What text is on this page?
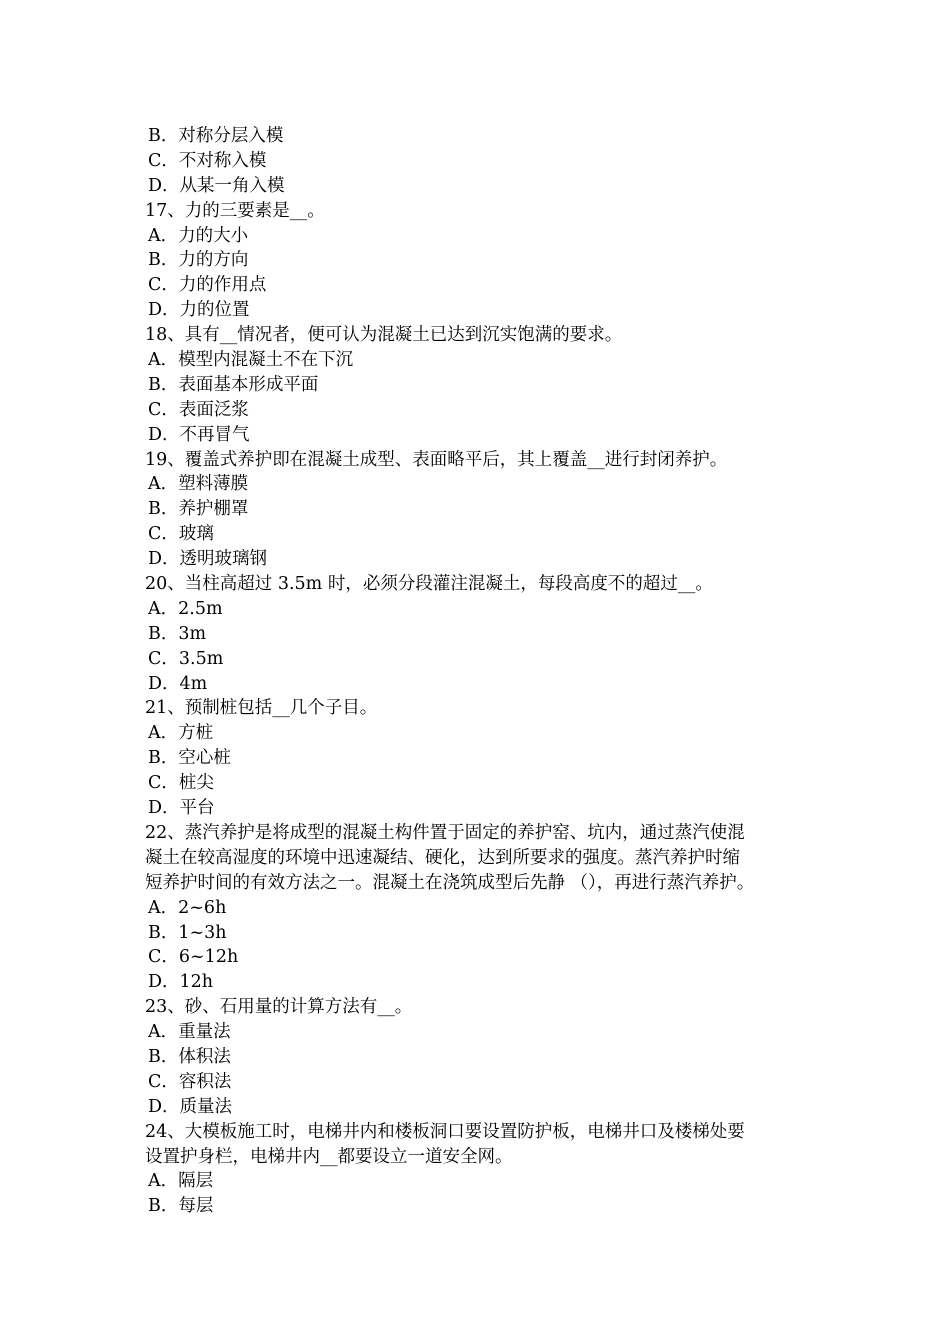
B．对称分层入模
C．不对称入模
D．从某一角入模
17、力的三要素是__。
A．力的大小
B．力的方向
C．力的作用点
D．力的位置
18、具有__情况者，便可认为混凝土已达到沉实饱满的要求。
A．模型内混凝土不在下沉
B．表面基本形成平面
C．表面泛浆
D．不再冒气
19、覆盖式养护即在混凝土成型、表面略平后，其上覆盖__进行封闭养护。
A．塑料薄膜
B．养护棚罩
C．玻璃
D．透明玻璃钢
20、当柱高超过 3.5m 时，必须分段灌注混凝土，每段高度不的超过__。
A．2.5m
B．3m
C．3.5m
D．4m
21、预制桩包括__几个子目。
A．方桩
B．空心桩
C．桩尖
D．平台
22、蒸汽养护是将成型的混凝土构件置于固定的养护窑、坑内，通过蒸汽使混
凝土在较高湿度的环境中迅速凝结、硬化，达到所要求的强度。蒸汽养护时缩
短养护时间的有效方法之一。混凝土在浇筑成型后先静 （），再进行蒸汽养护。
A．2~6h
B．1~3h
C．6~12h
D．12h
23、砂、石用量的计算方法有__。
A．重量法
B．体积法
C．容积法
D．质量法
24、大模板施工时，电梯井内和楼板洞口要设置防护板，电梯井口及楼梯处要
设置护身栏，电梯井内__都要设立一道安全网。
A．隔层
B．每层
